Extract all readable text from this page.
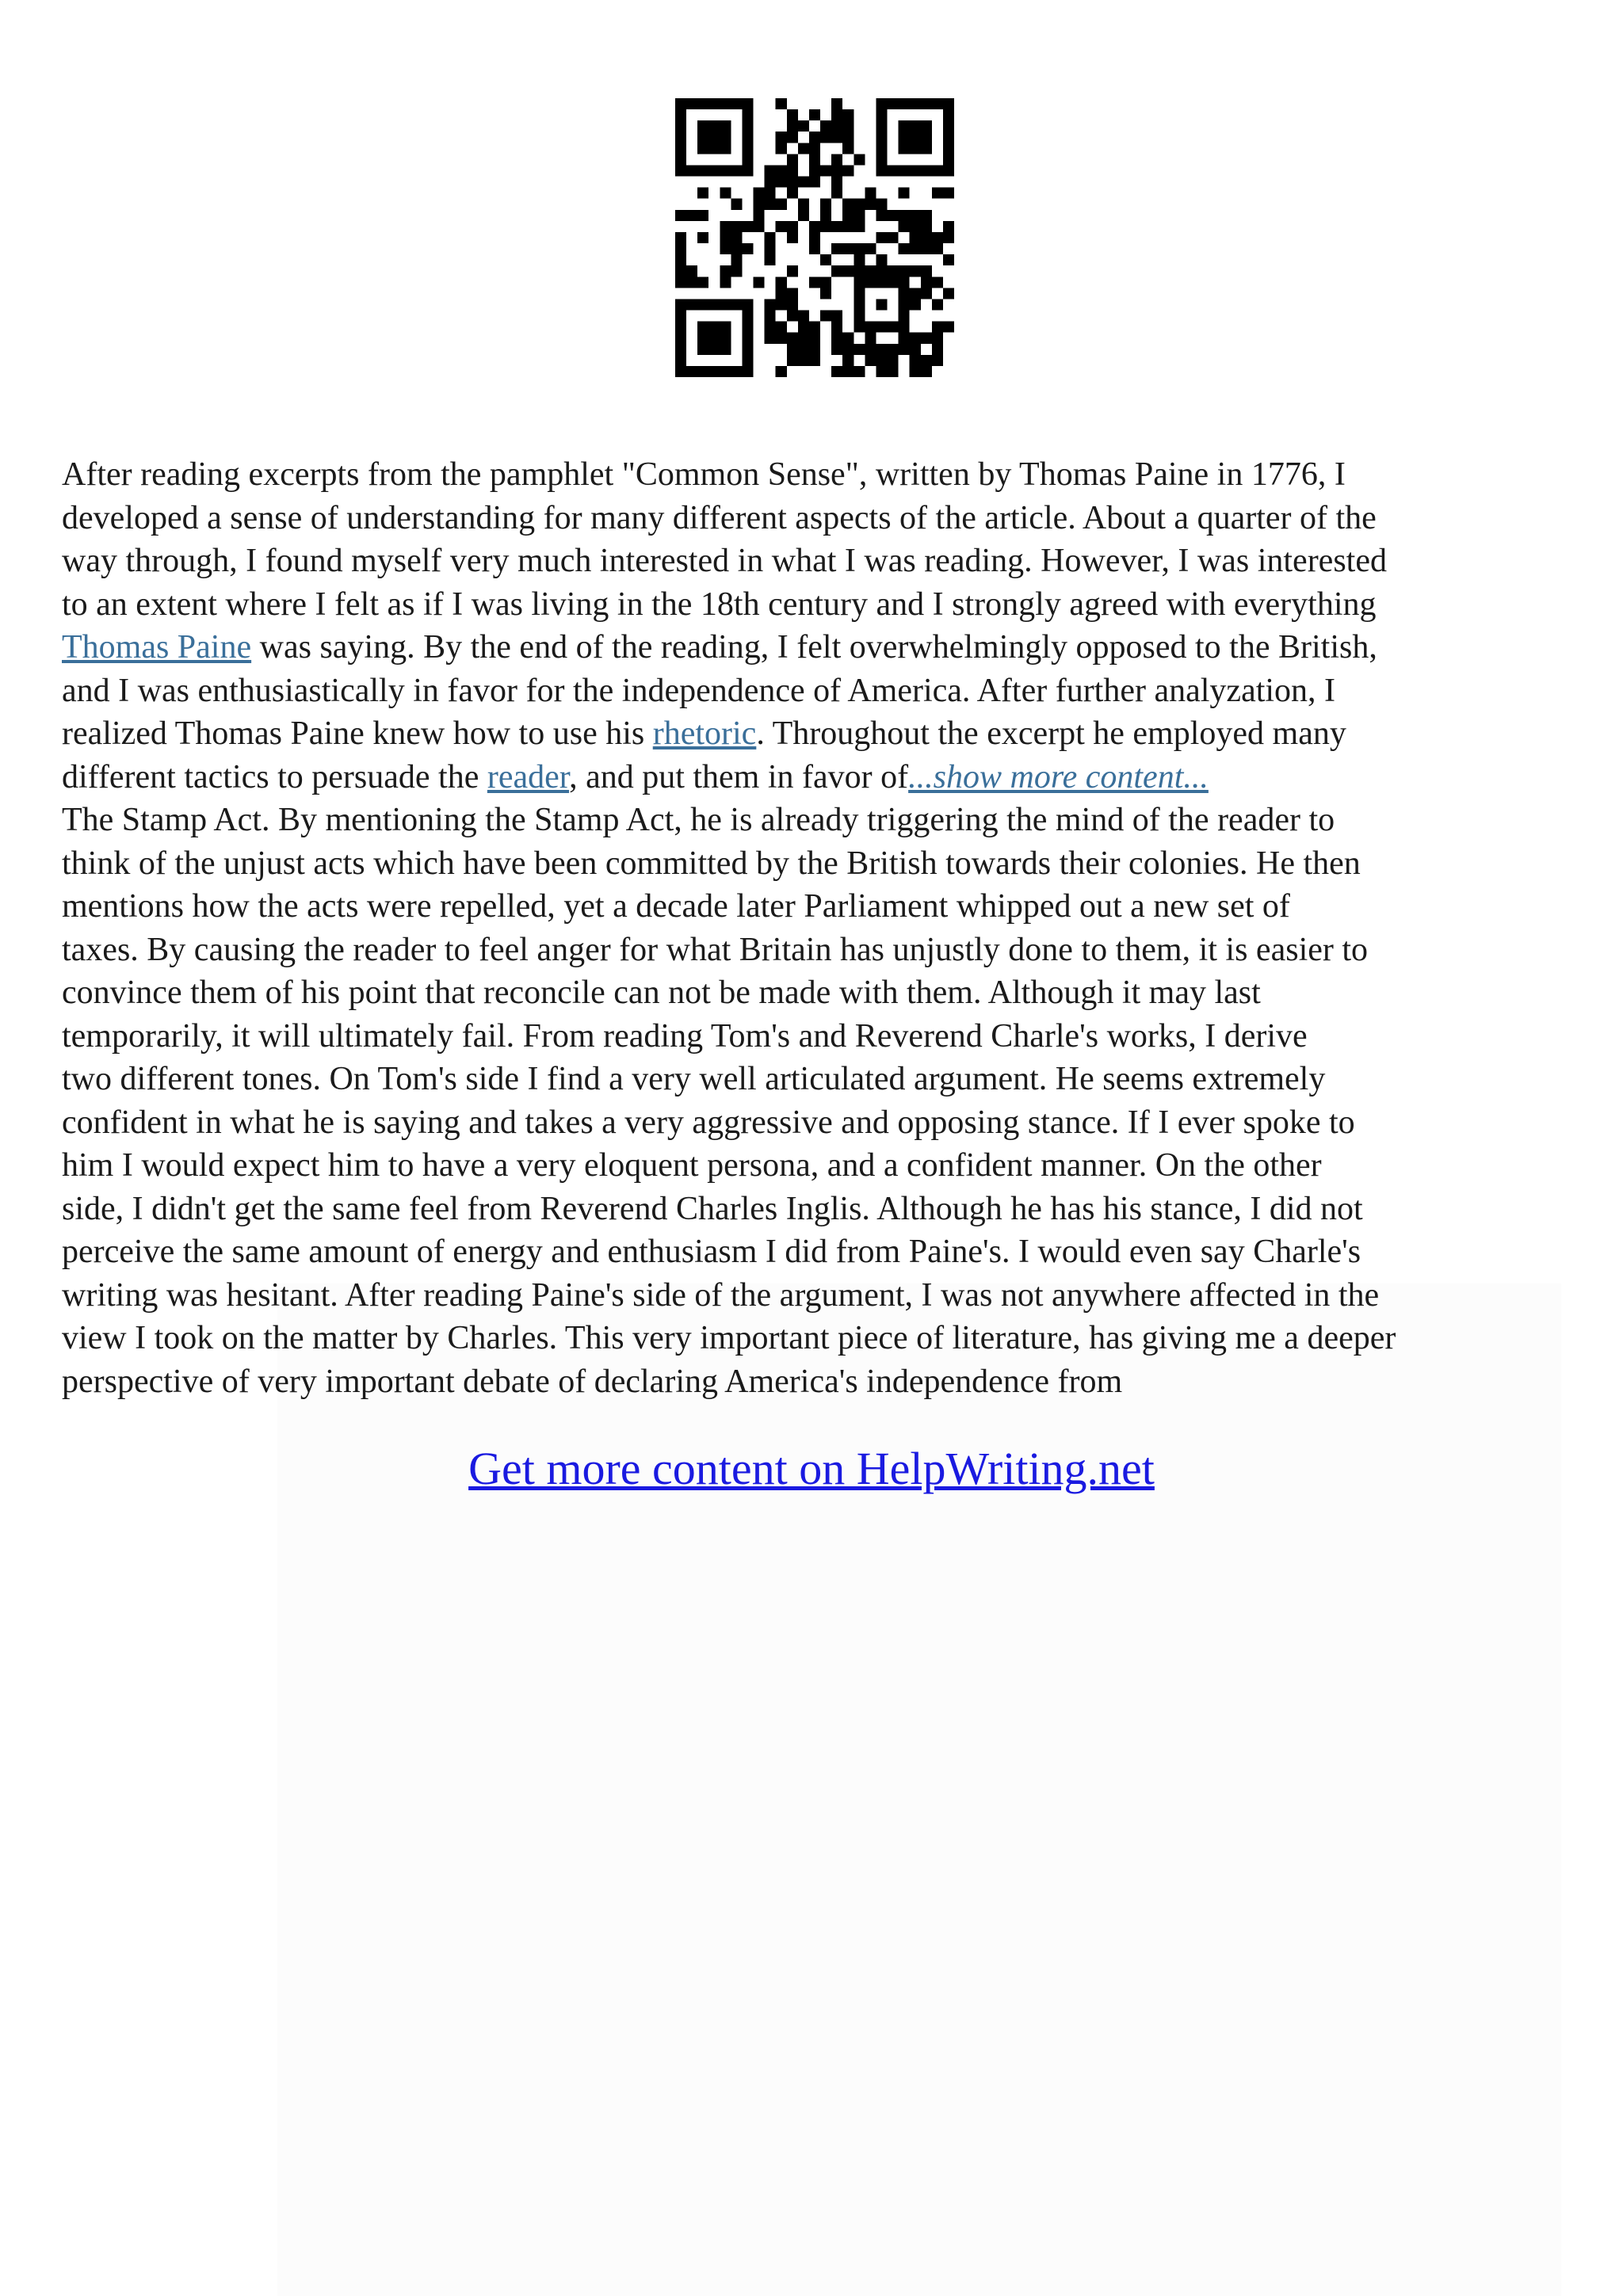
After reading excerpts from the pamphlet "Common Sense", written by Thomas Paine in 1776, I
developed a sense of understanding for many different aspects of the article. About a quarter of the
way through, I found myself very much interested in what I was reading. However, I was interested
to an extent where I felt as if I was living in the 18th century and I strongly agreed with everything
Thomas Paine was saying. By the end of the reading, I felt overwhelmingly opposed to the British,
and I was enthusiastically in favor for the independence of America. After further analyzation, I
realized Thomas Paine knew how to use his rhetoric. Throughout the excerpt he employed many
different tactics to persuade the reader, and put them in favor of...show more content...
The Stamp Act. By mentioning the Stamp Act, he is already triggering the mind of the reader to
think of the unjust acts which have been committed by the British towards their colonies. He then
mentions how the acts were repelled, yet a decade later Parliament whipped out a new set of
taxes. By causing the reader to feel anger for what Britain has unjustly done to them, it is easier to
convince them of his point that reconcile can not be made with them. Although it may last
temporarily, it will ultimately fail. From reading Tom's and Reverend Charle's works, I derive
two different tones. On Tom's side I find a very well articulated argument. He seems extremely
confident in what he is saying and takes a very aggressive and opposing stance. If I ever spoke to
him I would expect him to have a very eloquent persona, and a confident manner. On the other
side, I didn't get the same feel from Reverend Charles Inglis. Although he has his stance, I did not
perceive the same amount of energy and enthusiasm I did from Paine's. I would even say Charle's
writing was hesitant. After reading Paine's side of the argument, I was not anywhere affected in the
view I took on the matter by Charles. This very important piece of literature, has giving me a deeper
perspective of very important debate of declaring America's independence from
Get more content on HelpWriting.net
